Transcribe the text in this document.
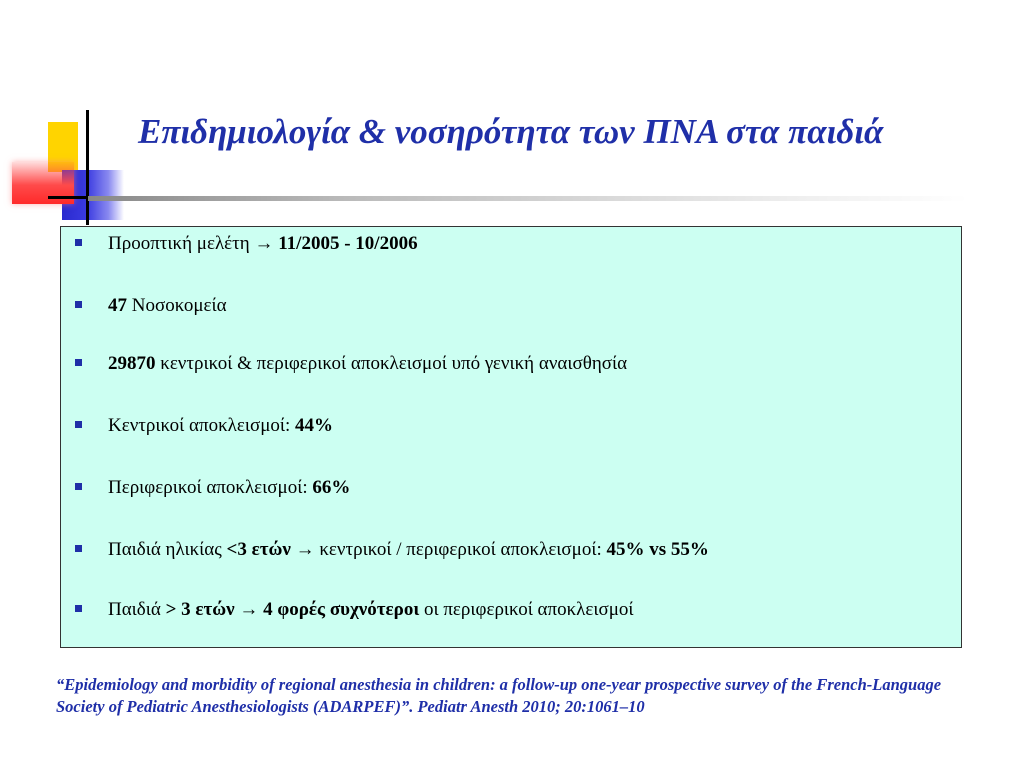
Επιδημιολογία & νοσηρότητα των ΠΝΑ στα παιδιά
Προοπτική μελέτη → 11/2005 - 10/2006
47 Νοσοκομεία
29870 κεντρικοί & περιφερικοί αποκλεισμοί υπό γενική αναισθησία
Κεντρικοί αποκλεισμοί: 44%
Περιφερικοί αποκλεισμοί: 66%
Παιδιά ηλικίας <3 ετών → κεντρικοί / περιφερικοί αποκλεισμοί: 45% vs 55%
Παιδιά > 3 ετών → 4 φορές συχνότεροι οι περιφερικοί αποκλεισμοί
“Epidemiology and morbidity of regional anesthesia in children: a follow-up one-year prospective survey of the French-Language Society of Pediatric Anesthesiologists (ADARPEF)”. Pediatr Anesth 2010; 20:1061–10
